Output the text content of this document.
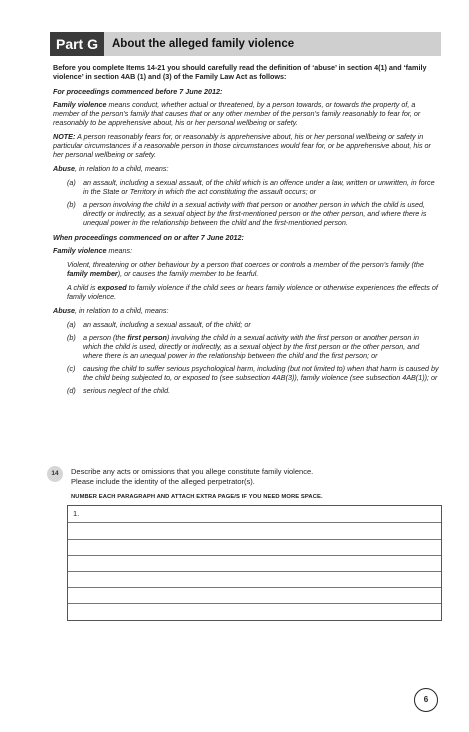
Part G	About the alleged family violence

Before you complete Items 14-21 you should carefully read the definition of ‘abuse’ in section 4(1) and ‘family violence’ in section 4AB (1) and (3) of the Family Law Act as follows:

For proceedings commenced before 7 June 2012:

Family violence means conduct, whether actual or threatened, by a person towards, or towards the property of, a member of the person’s family that causes that or any other member of the person’s family reasonably to fear for, or reasonably to be apprehensive about, his or her personal wellbeing or safety.

NOTE: A person reasonably fears for, or reasonably is apprehensive about, his or her personal wellbeing or safety in particular circumstances if a reasonable person in those circumstances would fear for, or be apprehensive about, his or her personal wellbeing or safety.

Abuse, in relation to a child, means:

(a)	an assault, including a sexual assault, of the child which is an offence under a law, written or unwritten, in force in the State or Territory in which the act constituting the assault occurs; or
(b)	a person involving the child in a sexual activity with that person or another person in which the child is used, directly or indirectly, as a sexual object by the first-mentioned person or the other person, and where there is unequal power in the relationship between the child and the first-mentioned person.

When proceedings commenced on or after 7 June 2012:

Family violence means:

Violent, threatening or other behaviour by a person that coerces or controls a member of the person’s family (the family member), or causes the family member to be fearful.

A child is exposed to family violence if the child sees or hears family violence or otherwise experiences the effects of family violence.

Abuse, in relation to a child, means:

(a)	an assault, including a sexual assault, of the child; or
(b)	a person (the first person) involving the child in a sexual activity with the first person or another person in which the child is used, directly or indirectly, as a sexual object by the first person or the other person, and where there is an unequal power in the relationship between the child and the first person; or
(c)	causing the child to suffer serious psychological harm, including (but not limited to) when that harm is caused by the child being subjected to, or exposed to (see subsection 4AB(3)), family violence (see subsection 4AB(1)); or
(d)	serious neglect of the child.
14	Describe any acts or omissions that you allege constitute family violence.
Please include the identity of the alleged perpetrator(s).
NUMBER EACH PARAGRAPH AND ATTACH EXTRA PAGE/S IF YOU NEED MORE SPACE.
1.
6
